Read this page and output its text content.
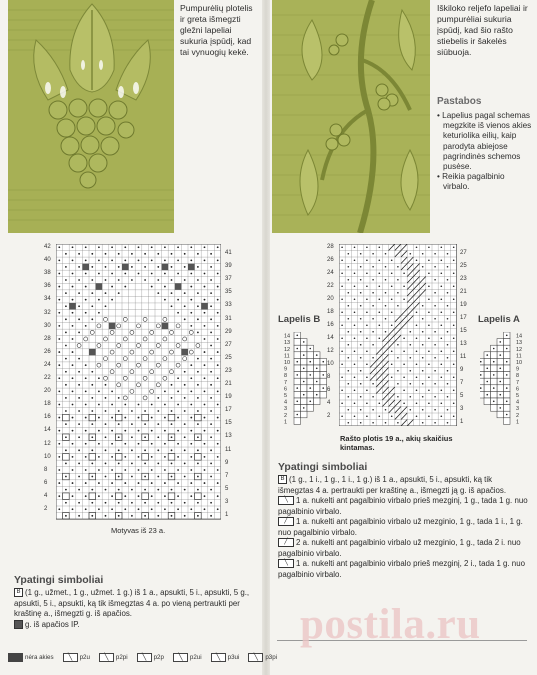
Pumpurėlių plotelis ir greta išmegzti gležni lapeliai sukuria įspūdį, kad tai vynuogių kekė.
Iškiloko reljefo lapeliai ir pumpurėliai sukuria įspūdį, kad šio rašto stiebelis ir šakelės siūbuoja.
Pastabos
• Lapelius pagal schemas megzkite iš vienos akies keturiolika eilių, kaip parodyta abiejose pagrindinės schemos pusėse.
• Reikia pagalbinio virbalo.
42
40
38
36
34
32
30
28
26
24
22
20
18
16
14
12
10
8
6
4
2
41
39
37
35
33
31
29
27
25
23
21
19
17
15
13
11
9
7
5
3
1
Motyvas iš 23 a.
28
26
24
22
20
18
16
14
12
10
8
6
4
2
27
25
23
21
19
17
15
13
11
9
7
5
3
1
Rašto plotis 19 a., akių skaičius kintamas.
Lapelis B
14
13
12
11
10
9
8
7
6
5
4
3
2
1
Lapelis A
14
13
12
11
10
9
8
7
6
5
4
3
2
1
Ypatingi simboliai
B (1 g., užmet., 1 g., užmet. 1 g.) iš 1 a., apsukti, 5 i., apsukti, 5 g., apsukti, 5 i., apsukti, ką tik išmegztas 4 a. po vieną pertraukti per kraštinę a., išmegzti g. iš apačios.
g. iš apačios IP.
Ypatingi simboliai
B (1 g., 1 i., 1 g., 1 i., 1 g.) iš 1 a., apsukti, 5 i., apsukti, ką tik išmegztas 4 a. pertraukti per kraštinę a., išmegzti ją g. iš apačios.
╲ 1 a. nukelti ant pagalbinio virbalo prieš mezginį, 1 g., tada 1 g. nuo pagalbinio virbalo.
╱ 1 a. nukelti ant pagalbinio virbalo už mezginio, 1 g., tada 1 i., 1 g. nuo pagalbinio virbalo.
╱ 2 a. nukelti ant pagalbinio virbalo už mezginio, 1 g., tada 2 i. nuo pagalbinio virbalo.
╲ 1 a. nukelti ant pagalbinio virbalo prieš mezginį, 2 i., tada 1 g. nuo pagalbinio virbalo.
postila.ru
nėra akies	╲	p2u	╲	p2pi	╲	p2p	╲	p2ui	╲	p3ui	╲	p3pi
